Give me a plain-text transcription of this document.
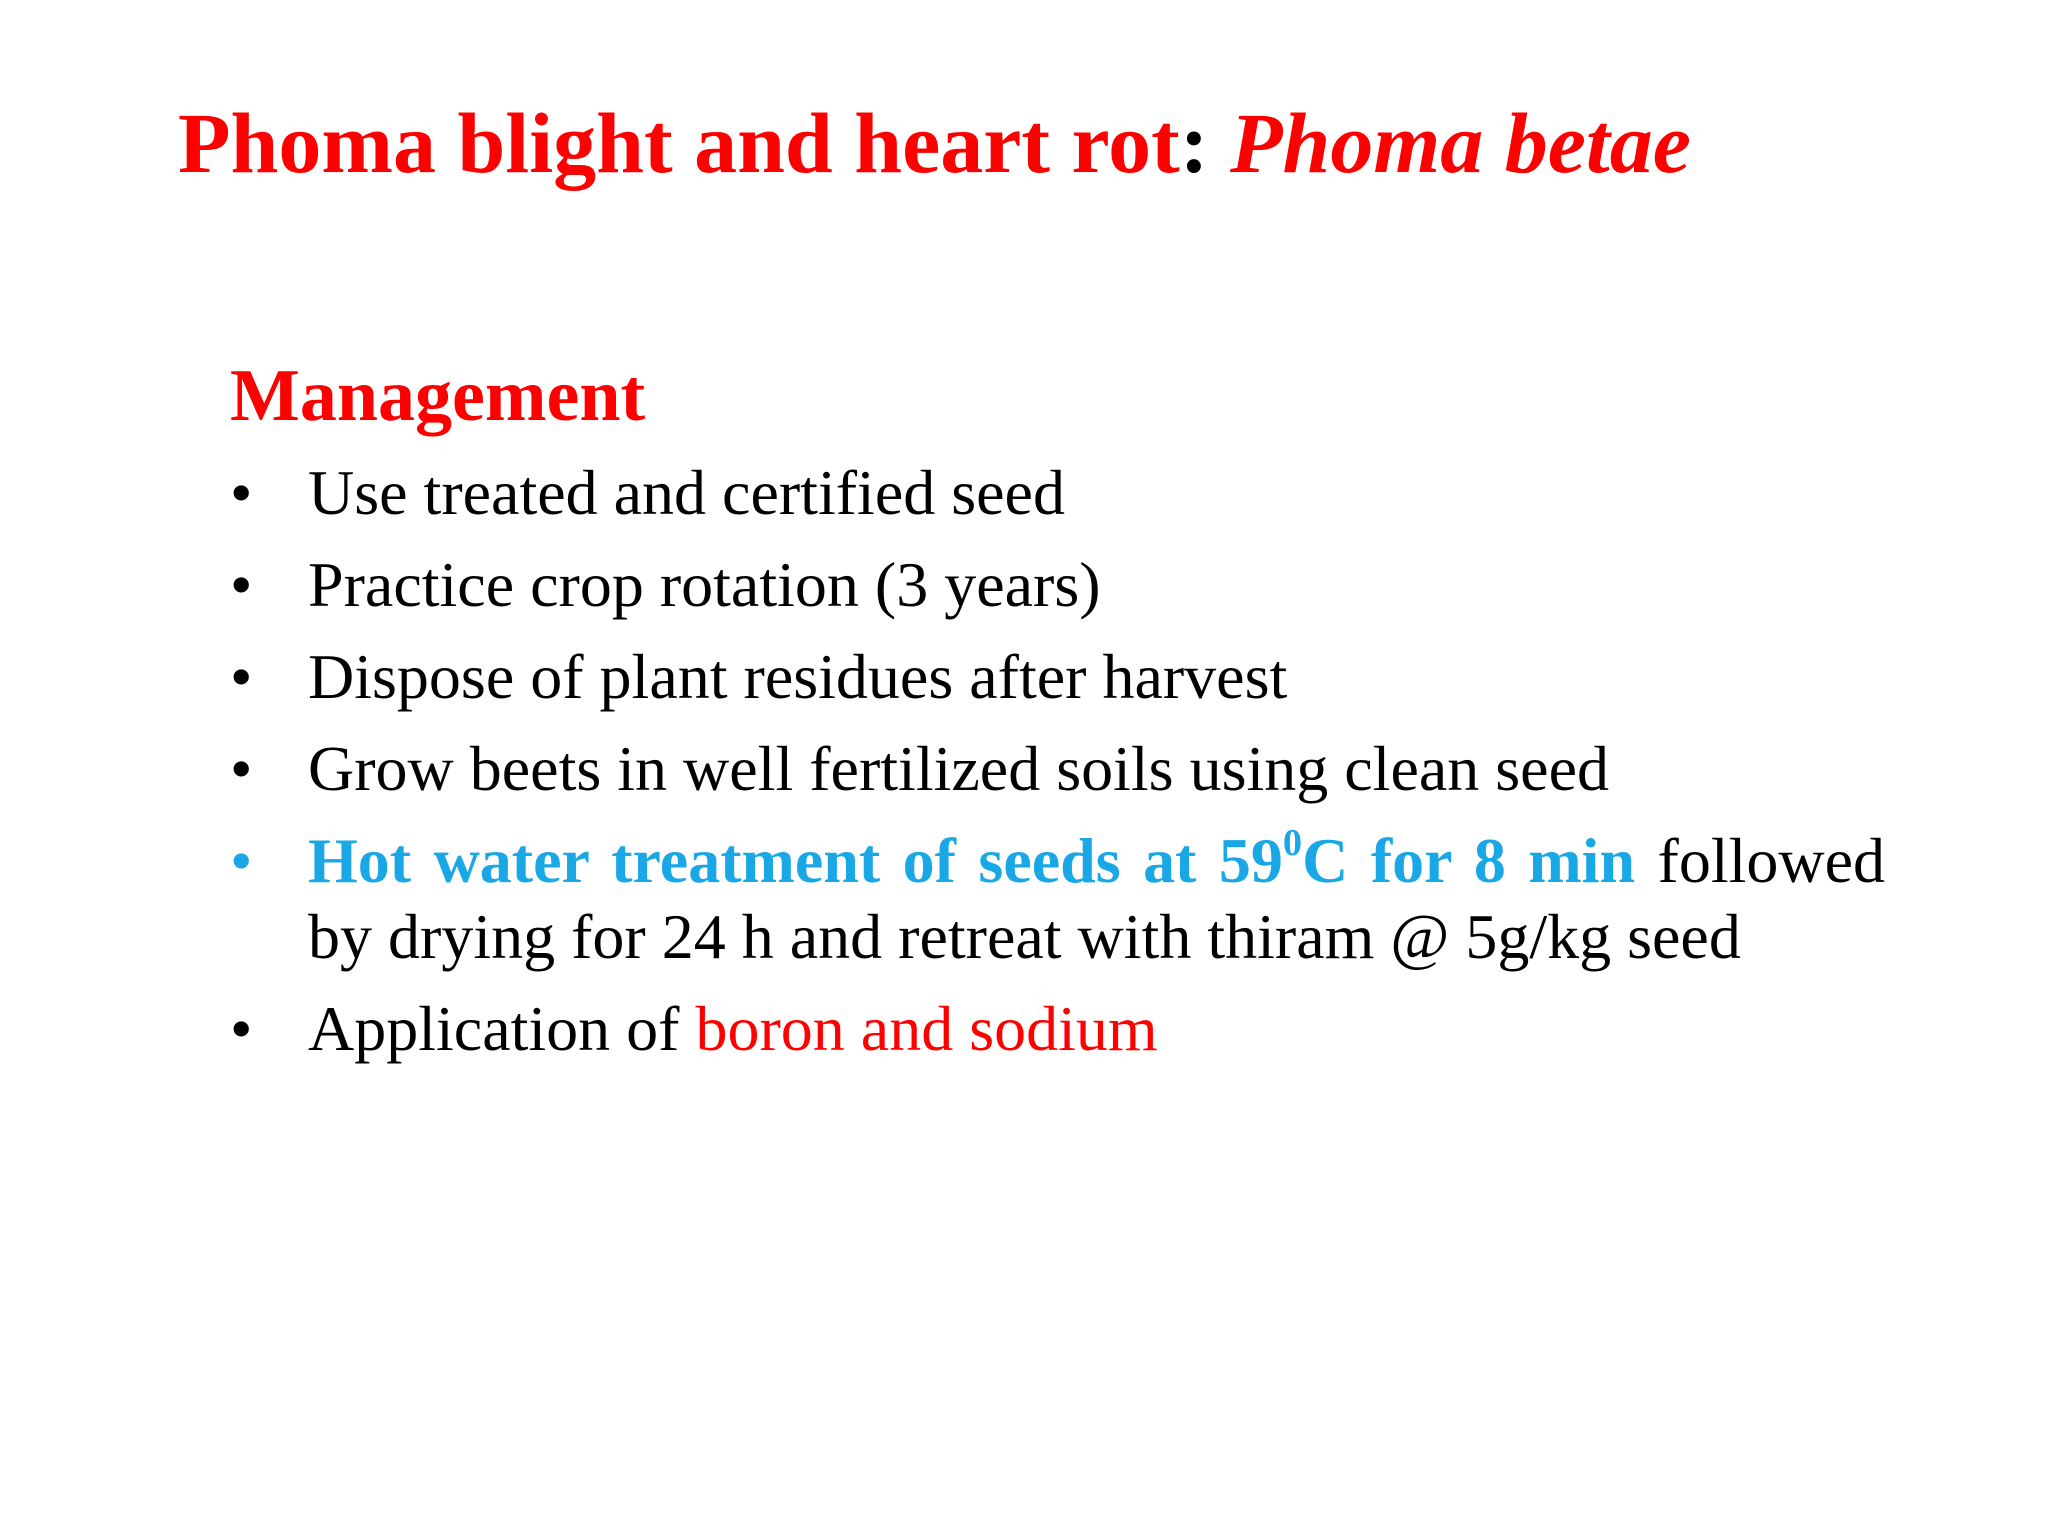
Phoma blight and heart rot: Phoma betae
Management
• Use treated and certified seed
• Practice crop rotation (3 years)
• Dispose of plant residues after harvest
• Grow beets in well fertilized soils using clean seed
• Hot water treatment of seeds at $59^0C$ for 8 min followed by drying for 24 h and retreat with thiram @ 5g/kg seed
• Application of boron and sodium
